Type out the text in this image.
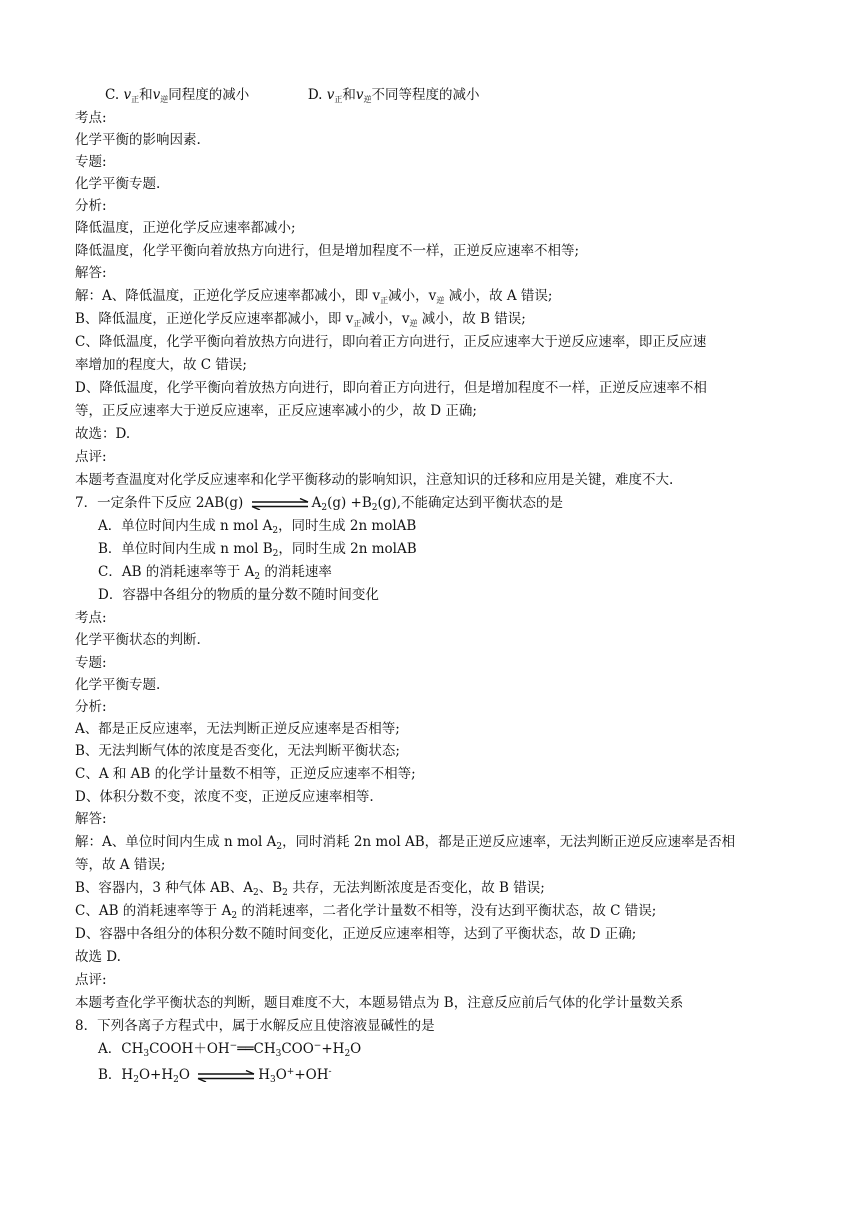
C. $v_正$和$v_逆$同程度的减小	D. $v_正$和$v_逆$不同等程度的减小
考点:
化学平衡的影响因素.
专题:
化学平衡专题.
分析:
降低温度，正逆化学反应速率都减小;
降低温度，化学平衡向着放热方向进行，但是增加程度不一样，正逆反应速率不相等;
解答:
解：A、降低温度，正逆化学反应速率都减小，即 $v_正$减小，$v_逆$ 减小，故 A 错误;
B、降低温度，正逆化学反应速率都减小，即 $v_正$减小，$v_逆$ 减小，故 B 错误;
C、降低温度，化学平衡向着放热方向进行，即向着正方向进行，正反应速率大于逆反应速率，即正反应速
率增加的程度大，故 C 错误;
D、降低温度，化学平衡向着放热方向进行，即向着正方向进行，但是增加程度不一样，正逆反应速率不相
等，正反应速率大于逆反应速率，正反应速率减小的少，故 D 正确;
故选：D.
点评:
本题考查温度对化学反应速率和化学平衡移动的影响知识，注意知识的迁移和应用是关键，难度不大.
7．一定条件下反应 2AB(g)	$A_2(g) +B_2(g)$,不能确定达到平衡状态的是
A．单位时间内生成 n mol $A_2$，同时生成 2n molAB
B．单位时间内生成 n mol $B_2$，同时生成 2n molAB
C．AB 的消耗速率等于 $A_2$ 的消耗速率
D．容器中各组分的物质的量分数不随时间变化
考点:
化学平衡状态的判断.
专题:
化学平衡专题.
分析:
A、都是正反应速率，无法判断正逆反应速率是否相等;
B、无法判断气体的浓度是否变化，无法判断平衡状态;
C、A 和 AB 的化学计量数不相等，正逆反应速率不相等;
D、体积分数不变，浓度不变，正逆反应速率相等.
解答:
解：A、单位时间内生成 n mol $A_2$，同时消耗 2n mol AB，都是正逆反应速率，无法判断正逆反应速率是否相
等，故 A 错误;
B、容器内，3 种气体 AB、$A_2$、$B_2$ 共存，无法判断浓度是否变化，故 B 错误;
C、AB 的消耗速率等于 $A_2$ 的消耗速率，二者化学计量数不相等，没有达到平衡状态，故 C 错误;
D、容器中各组分的体积分数不随时间变化，正逆反应速率相等，达到了平衡状态，故 D 正确;
故选 D.
点评:
本题考查化学平衡状态的判断，题目难度不大，本题易错点为 B，注意反应前后气体的化学计量数关系
8．下列各离子方程式中，属于水解反应且使溶液显碱性的是
A．$CH_3COOH+OH^-══CH_3COO^-+H_2O$
B．$H_2O+H_2O$	$H_3O^++OH^-$
